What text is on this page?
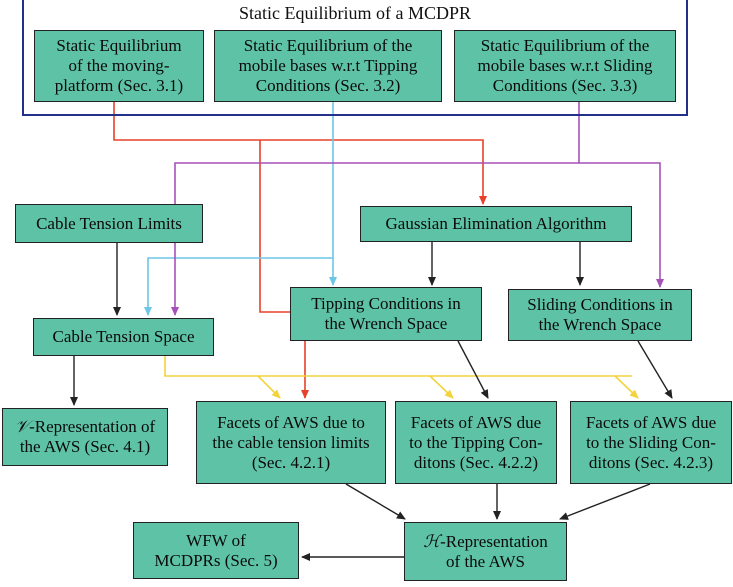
Static Equilibrium of a MCDPR
Static Equilibrium
of the moving-
platform (Sec. 3.1)
Static Equilibrium of the
mobile bases w.r.t Tipping
Conditions (Sec. 3.2)
Static Equilibrium of the
mobile bases w.r.t Sliding
Conditions (Sec. 3.3)
Cable Tension Limits	Gaussian Elimination Algorithm
Tipping Conditions in
the Wrench Space
Sliding Conditions in
the Wrench Space
Cable Tension Space
𝒱-Representation of
the AWS (Sec. 4.1)
Facets of AWS due to
the cable tension limits
(Sec. 4.2.1)
Facets of AWS due
to the Tipping Con-
ditons (Sec. 4.2.2)
Facets of AWS due
to the Sliding Con-
ditons (Sec. 4.2.3)
WFW of
MCDPRs (Sec. 5)
ℋ-Representation
of the AWS
